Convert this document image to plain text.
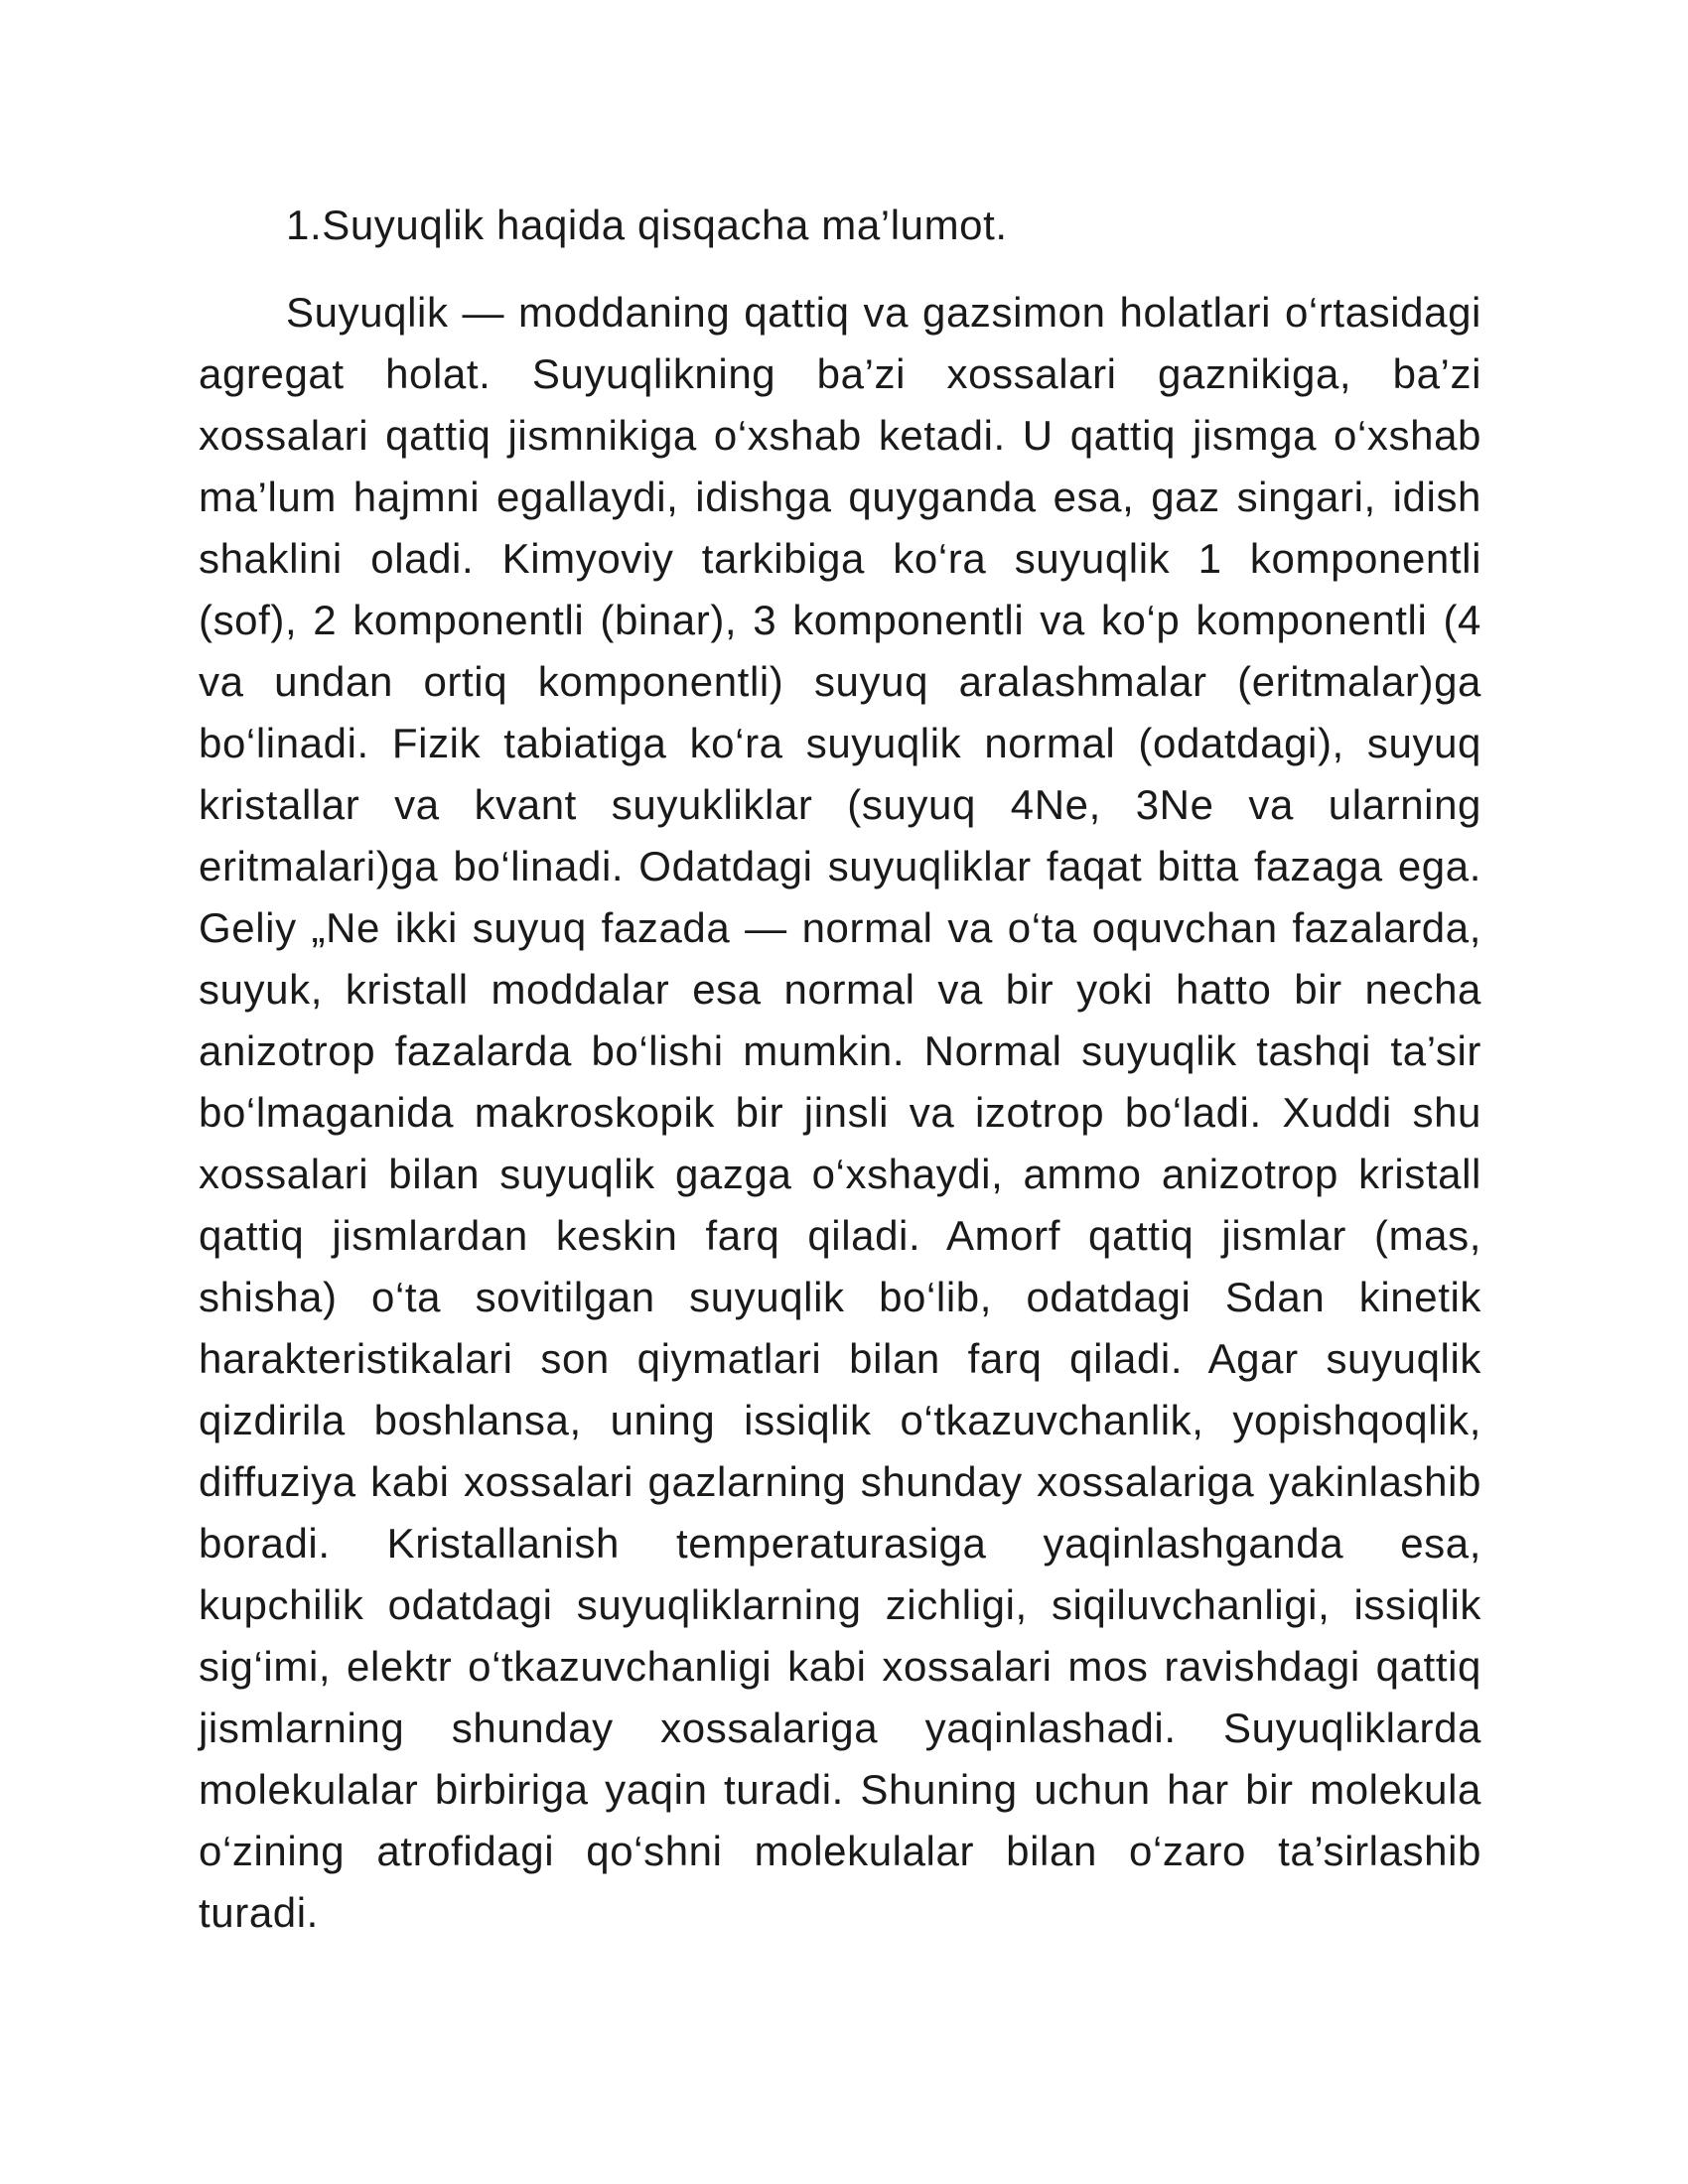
1.Suyuqlik haqida qisqacha ma’lumot.

Suyuqlik — moddaning qattiq va gazsimon holatlari o‘rtasidagi agregat holat. Suyuqlikning ba’zi xossalari gaznikiga, ba’zi xossalari qattiq jismnikiga o‘xshab ketadi. U qattiq jismga o‘xshab ma’lum hajmni egallaydi, idishga quyganda esa, gaz singari, idish shaklini oladi. Kimyoviy tarkibiga ko‘ra suyuqlik 1 komponentli (sof), 2 komponentli (binar), 3 komponentli va ko‘p komponentli (4 va undan ortiq komponentli) suyuq aralashmalar (eritmalar)ga bo‘linadi. Fizik tabiatiga ko‘ra suyuqlik normal (odatdagi), suyuq kristallar va kvant suyukliklar (suyuq 4Ne, 3Ne va ularning eritmalari)ga bo‘linadi. Odatdagi suyuqliklar faqat bitta fazaga ega. Geliy „Ne ikki suyuq fazada — normal va o‘ta oquvchan fazalarda, suyuk, kristall moddalar esa normal va bir yoki hatto bir necha anizotrop fazalarda bo‘lishi mumkin. Normal suyuqlik tashqi ta’sir bo‘lmaganida makroskopik bir jinsli va izotrop bo‘ladi. Xuddi shu xossalari bilan suyuqlik gazga o‘xshaydi, ammo anizotrop kristall qattiq jismlardan keskin farq qiladi. Amorf qattiq jismlar (mas, shisha) o‘ta sovitilgan suyuqlik bo‘lib, odatdagi Sdan kinetik harakteristikalari son qiymatlari bilan farq qiladi. Agar suyuqlik qizdirila boshlansa, uning issiqlik o‘tkazuvchanlik, yopishqoqlik, diffuziya kabi xossalari gazlarning shunday xossalariga yakinlashib boradi. Kristallanish temperaturasiga yaqinlashganda esa, kupchilik odatdagi suyuqliklarning zichligi, siqiluvchanligi, issiqlik sig‘imi, elektr o‘tkazuvchanligi kabi xossalari mos ravishdagi qattiq jismlarning shunday xossalariga yaqinlashadi. Suyuqliklarda molekulalar birbiriga yaqin turadi. Shuning uchun har bir molekula o‘zining atrofidagi qo‘shni molekulalar bilan o‘zaro ta’sirlashib turadi.
